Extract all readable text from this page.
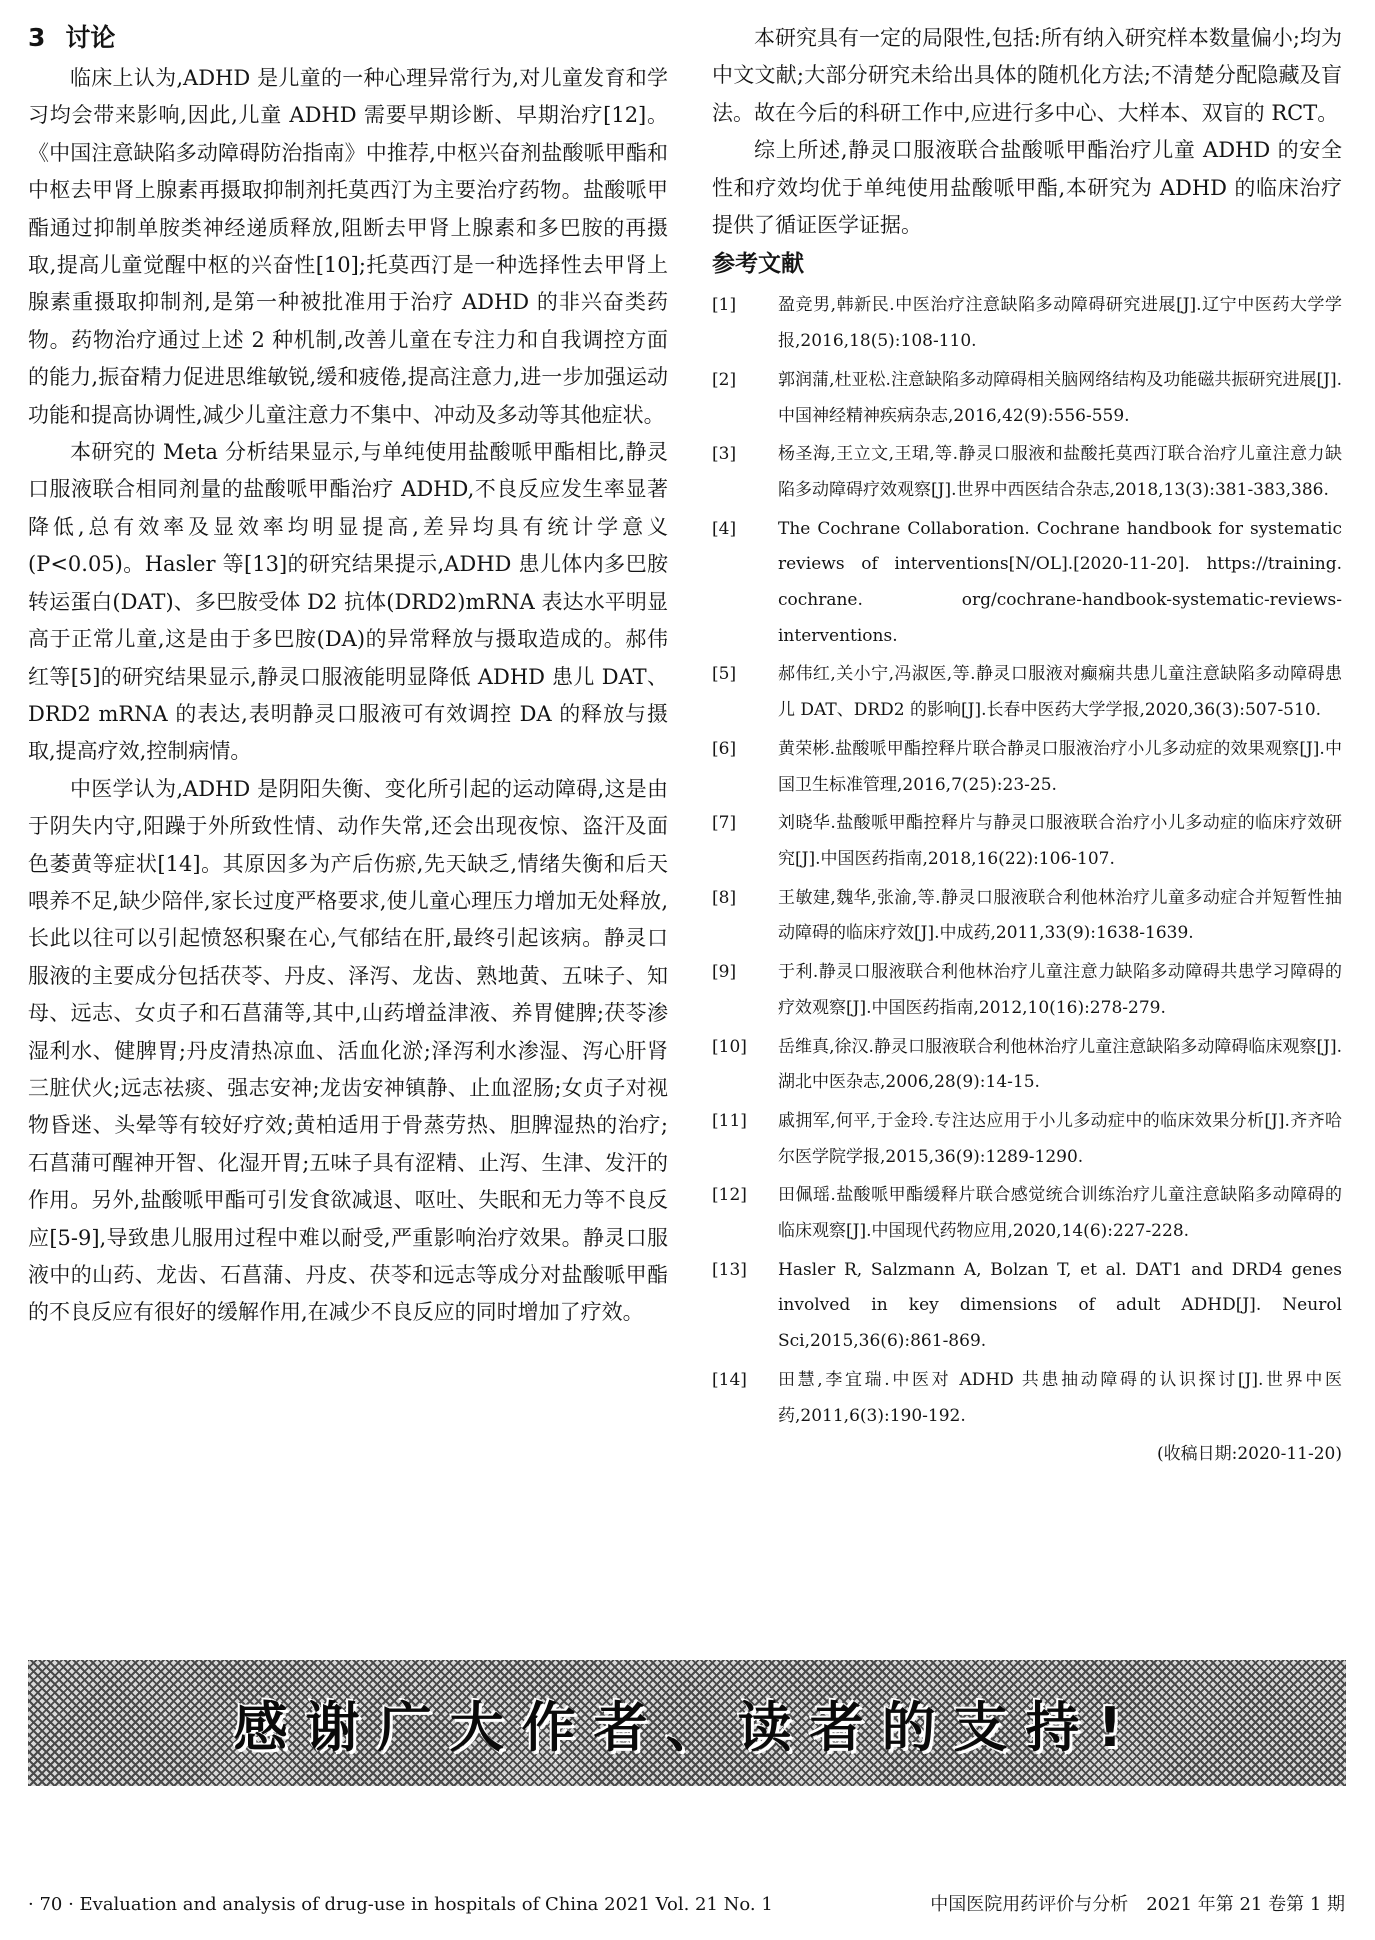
3 讨论

临床上认为,ADHD 是儿童的一种心理异常行为,对儿童发育和学习均会带来影响,因此,儿童 ADHD 需要早期诊断、早期治疗[12]。《中国注意缺陷多动障碍防治指南》中推荐,中枢兴奋剂盐酸哌甲酯和中枢去甲肾上腺素再摄取抑制剂托莫西汀为主要治疗药物。盐酸哌甲酯通过抑制单胺类神经递质释放,阻断去甲肾上腺素和多巴胺的再摄取,提高儿童觉醒中枢的兴奋性[10];托莫西汀是一种选择性去甲肾上腺素重摄取抑制剂,是第一种被批准用于治疗 ADHD 的非兴奋类药物。药物治疗通过上述 2 种机制,改善儿童在专注力和自我调控方面的能力,振奋精力促进思维敏锐,缓和疲倦,提高注意力,进一步加强运动功能和提高协调性,减少儿童注意力不集中、冲动及多动等其他症状。

本研究的 Meta 分析结果显示,与单纯使用盐酸哌甲酯相比,静灵口服液联合相同剂量的盐酸哌甲酯治疗 ADHD,不良反应发生率显著降低,总有效率及显效率均明显提高,差异均具有统计学意义(P<0.05)。Hasler 等[13]的研究结果提示,ADHD 患儿体内多巴胺转运蛋白(DAT)、多巴胺受体 D2 抗体(DRD2)mRNA 表达水平明显高于正常儿童,这是由于多巴胺(DA)的异常释放与摄取造成的。郝伟红等[5]的研究结果显示,静灵口服液能明显降低 ADHD 患儿 DAT、DRD2 mRNA 的表达,表明静灵口服液可有效调控 DA 的释放与摄取,提高疗效,控制病情。

中医学认为,ADHD 是阴阳失衡、变化所引起的运动障碍,这是由于阴失内守,阳躁于外所致性情、动作失常,还会出现夜惊、盗汗及面色萎黄等症状[14]。其原因多为产后伤瘀,先天缺乏,情绪失衡和后天喂养不足,缺少陪伴,家长过度严格要求,使儿童心理压力增加无处释放,长此以往可以引起愤怒积聚在心,气郁结在肝,最终引起该病。静灵口服液的主要成分包括茯苓、丹皮、泽泻、龙齿、熟地黄、五味子、知母、远志、女贞子和石菖蒲等,其中,山药增益津液、养胃健脾;茯苓渗湿利水、健脾胃;丹皮清热凉血、活血化淤;泽泻利水渗湿、泻心肝肾三脏伏火;远志祛痰、强志安神;龙齿安神镇静、止血涩肠;女贞子对视物昏迷、头晕等有较好疗效;黄柏适用于骨蒸劳热、胆脾湿热的治疗;石菖蒲可醒神开智、化湿开胃;五味子具有涩精、止泻、生津、发汗的作用。另外,盐酸哌甲酯可引发食欲减退、呕吐、失眠和无力等不良反应[5-9],导致患儿服用过程中难以耐受,严重影响治疗效果。静灵口服液中的山药、龙齿、石菖蒲、丹皮、茯苓和远志等成分对盐酸哌甲酯的不良反应有很好的缓解作用,在减少不良反应的同时增加了疗效。

本研究具有一定的局限性,包括:所有纳入研究样本数量偏小;均为中文文献;大部分研究未给出具体的随机化方法;不清楚分配隐藏及盲法。故在今后的科研工作中,应进行多中心、大样本、双盲的 RCT。

综上所述,静灵口服液联合盐酸哌甲酯治疗儿童 ADHD 的安全性和疗效均优于单纯使用盐酸哌甲酯,本研究为 ADHD 的临床治疗提供了循证医学证据。

参考文献
[1]	盈竞男,韩新民.中医治疗注意缺陷多动障碍研究进展[J].辽宁中医药大学学报,2016,18(5):108-110.
[2]	郭润蒲,杜亚松.注意缺陷多动障碍相关脑网络结构及功能磁共振研究进展[J].中国神经精神疾病杂志,2016,42(9):556-559.
[3]	杨圣海,王立文,王珺,等.静灵口服液和盐酸托莫西汀联合治疗儿童注意力缺陷多动障碍疗效观察[J].世界中西医结合杂志,2018,13(3):381-383,386.
[4]	The Cochrane Collaboration. Cochrane handbook for systematic reviews of interventions[N/OL].[2020-11-20]. https://training. cochrane. org/cochrane-handbook-systematic-reviews-interventions.
[5]	郝伟红,关小宁,冯淑医,等.静灵口服液对癫痫共患儿童注意缺陷多动障碍患儿 DAT、DRD2 的影响[J].长春中医药大学学报,2020,36(3):507-510.
[6]	黄荣彬.盐酸哌甲酯控释片联合静灵口服液治疗小儿多动症的效果观察[J].中国卫生标准管理,2016,7(25):23-25.
[7]	刘晓华.盐酸哌甲酯控释片与静灵口服液联合治疗小儿多动症的临床疗效研究[J].中国医药指南,2018,16(22):106-107.
[8]	王敏建,魏华,张渝,等.静灵口服液联合利他林治疗儿童多动症合并短暂性抽动障碍的临床疗效[J].中成药,2011,33(9):1638-1639.
[9]	于利.静灵口服液联合利他林治疗儿童注意力缺陷多动障碍共患学习障碍的疗效观察[J].中国医药指南,2012,10(16):278-279.
[10]	岳维真,徐汉.静灵口服液联合利他林治疗儿童注意缺陷多动障碍临床观察[J].湖北中医杂志,2006,28(9):14-15.
[11]	戚拥军,何平,于金玲.专注达应用于小儿多动症中的临床效果分析[J].齐齐哈尔医学院学报,2015,36(9):1289-1290.
[12]	田佩瑶.盐酸哌甲酯缓释片联合感觉统合训练治疗儿童注意缺陷多动障碍的临床观察[J].中国现代药物应用,2020,14(6):227-228.
[13]	Hasler R, Salzmann A, Bolzan T, et al. DAT1 and DRD4 genes involved in key dimensions of adult ADHD[J]. Neurol Sci,2015,36(6):861-869.
[14]	田慧,李宜瑞.中医对 ADHD 共患抽动障碍的认识探讨[J].世界中医药,2011,6(3):190-192.
(收稿日期:2020-11-20)
感谢广大作者、读者的支持!
· 70 · Evaluation and analysis of drug-use in hospitals of China 2021 Vol. 21 No. 1	中国医院用药评价与分析　2021 年第 21 卷第 1 期
